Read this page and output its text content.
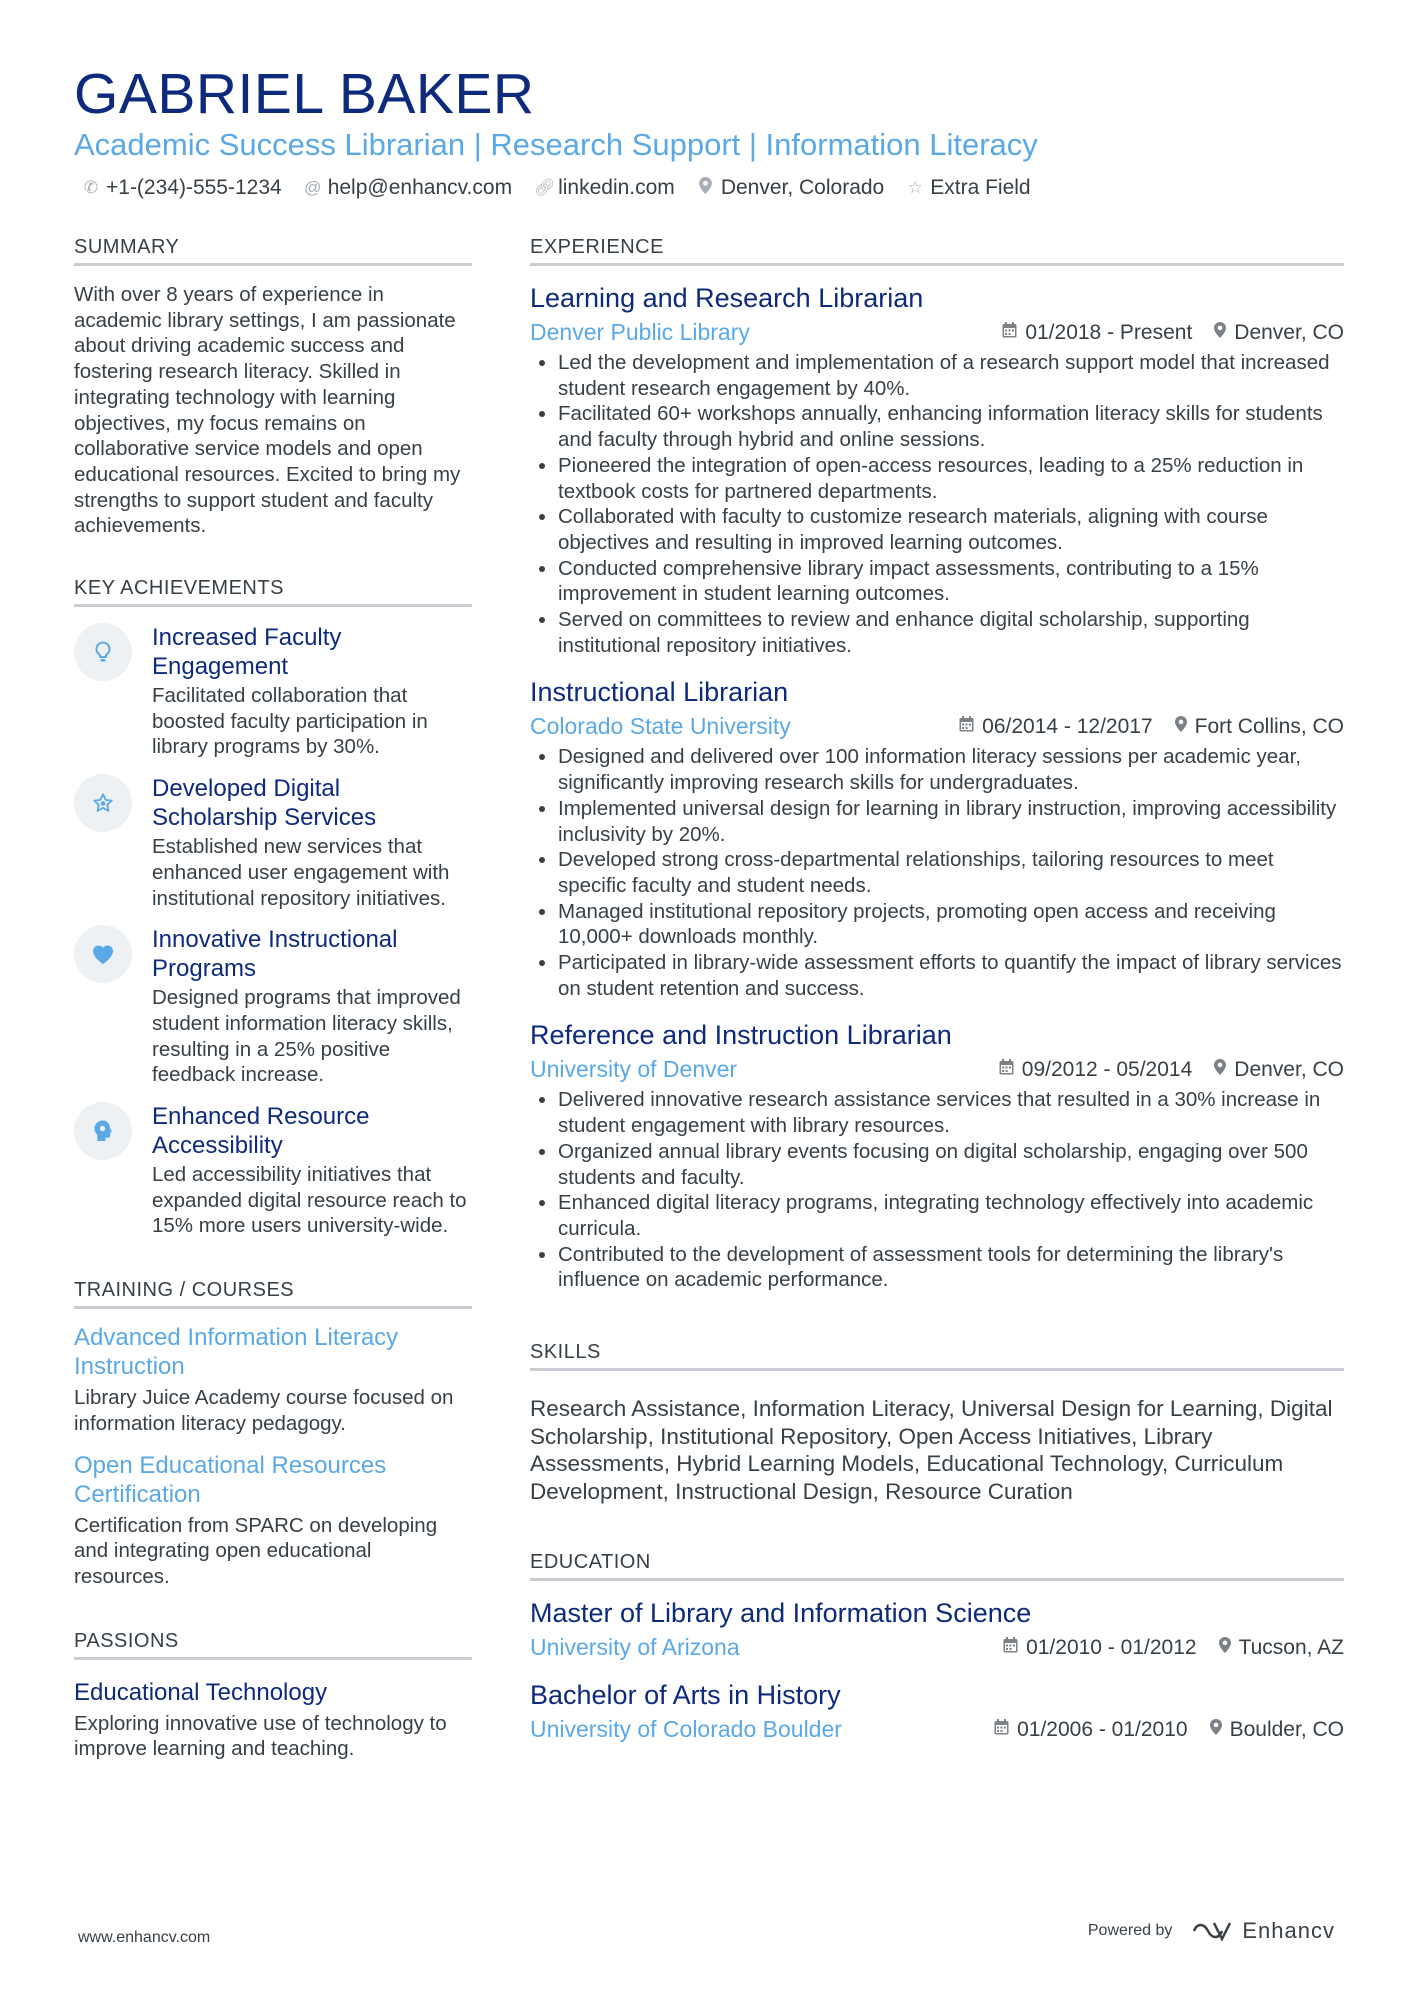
GABRIEL BAKER
Academic Success Librarian | Research Support | Information Literacy
✆ +1-(234)-555-1234 @ help@enhancv.com 🔗︎ linkedin.com Denver, Colorado ☆ Extra Field
SUMMARY
With over 8 years of experience in academic library settings, I am passionate about driving academic success and fostering research literacy. Skilled in integrating technology with learning objectives, my focus remains on collaborative service models and open educational resources. Excited to bring my strengths to support student and faculty achievements.
KEY ACHIEVEMENTS
Increased Faculty Engagement
Facilitated collaboration that boosted faculty participation in library programs by 30%.
Developed Digital Scholarship Services
Established new services that enhanced user engagement with institutional repository initiatives.
Innovative Instructional Programs
Designed programs that improved student information literacy skills, resulting in a 25% positive feedback increase.
Enhanced Resource Accessibility
Led accessibility initiatives that expanded digital resource reach to 15% more users university-wide.
TRAINING / COURSES
Advanced Information Literacy Instruction
Library Juice Academy course focused on information literacy pedagogy.
Open Educational Resources Certification
Certification from SPARC on developing and integrating open educational resources.
PASSIONS
Educational Technology
Exploring innovative use of technology to improve learning and teaching.
EXPERIENCE
Learning and Research Librarian
Denver Public Library	01/2018 - Present Denver, CO
• Led the development and implementation of a research support model that increased student research engagement by 40%.
• Facilitated 60+ workshops annually, enhancing information literacy skills for students and faculty through hybrid and online sessions.
• Pioneered the integration of open-access resources, leading to a 25% reduction in textbook costs for partnered departments.
• Collaborated with faculty to customize research materials, aligning with course objectives and resulting in improved learning outcomes.
• Conducted comprehensive library impact assessments, contributing to a 15% improvement in student learning outcomes.
• Served on committees to review and enhance digital scholarship, supporting institutional repository initiatives.
Instructional Librarian
Colorado State University	06/2014 - 12/2017 Fort Collins, CO
• Designed and delivered over 100 information literacy sessions per academic year, significantly improving research skills for undergraduates.
• Implemented universal design for learning in library instruction, improving accessibility inclusivity by 20%.
• Developed strong cross-departmental relationships, tailoring resources to meet specific faculty and student needs.
• Managed institutional repository projects, promoting open access and receiving 10,000+ downloads monthly.
• Participated in library-wide assessment efforts to quantify the impact of library services on student retention and success.
Reference and Instruction Librarian
University of Denver	09/2012 - 05/2014 Denver, CO
• Delivered innovative research assistance services that resulted in a 30% increase in student engagement with library resources.
• Organized annual library events focusing on digital scholarship, engaging over 500 students and faculty.
• Enhanced digital literacy programs, integrating technology effectively into academic curricula.
• Contributed to the development of assessment tools for determining the library's influence on academic performance.
SKILLS
Research Assistance, Information Literacy, Universal Design for Learning, Digital Scholarship, Institutional Repository, Open Access Initiatives, Library Assessments, Hybrid Learning Models, Educational Technology, Curriculum Development, Instructional Design, Resource Curation
EDUCATION
Master of Library and Information Science
University of Arizona	01/2010 - 01/2012 Tucson, AZ
Bachelor of Arts in History
University of Colorado Boulder	01/2006 - 01/2010 Boulder, CO
www.enhancv.com	Powered by	Enhancv
